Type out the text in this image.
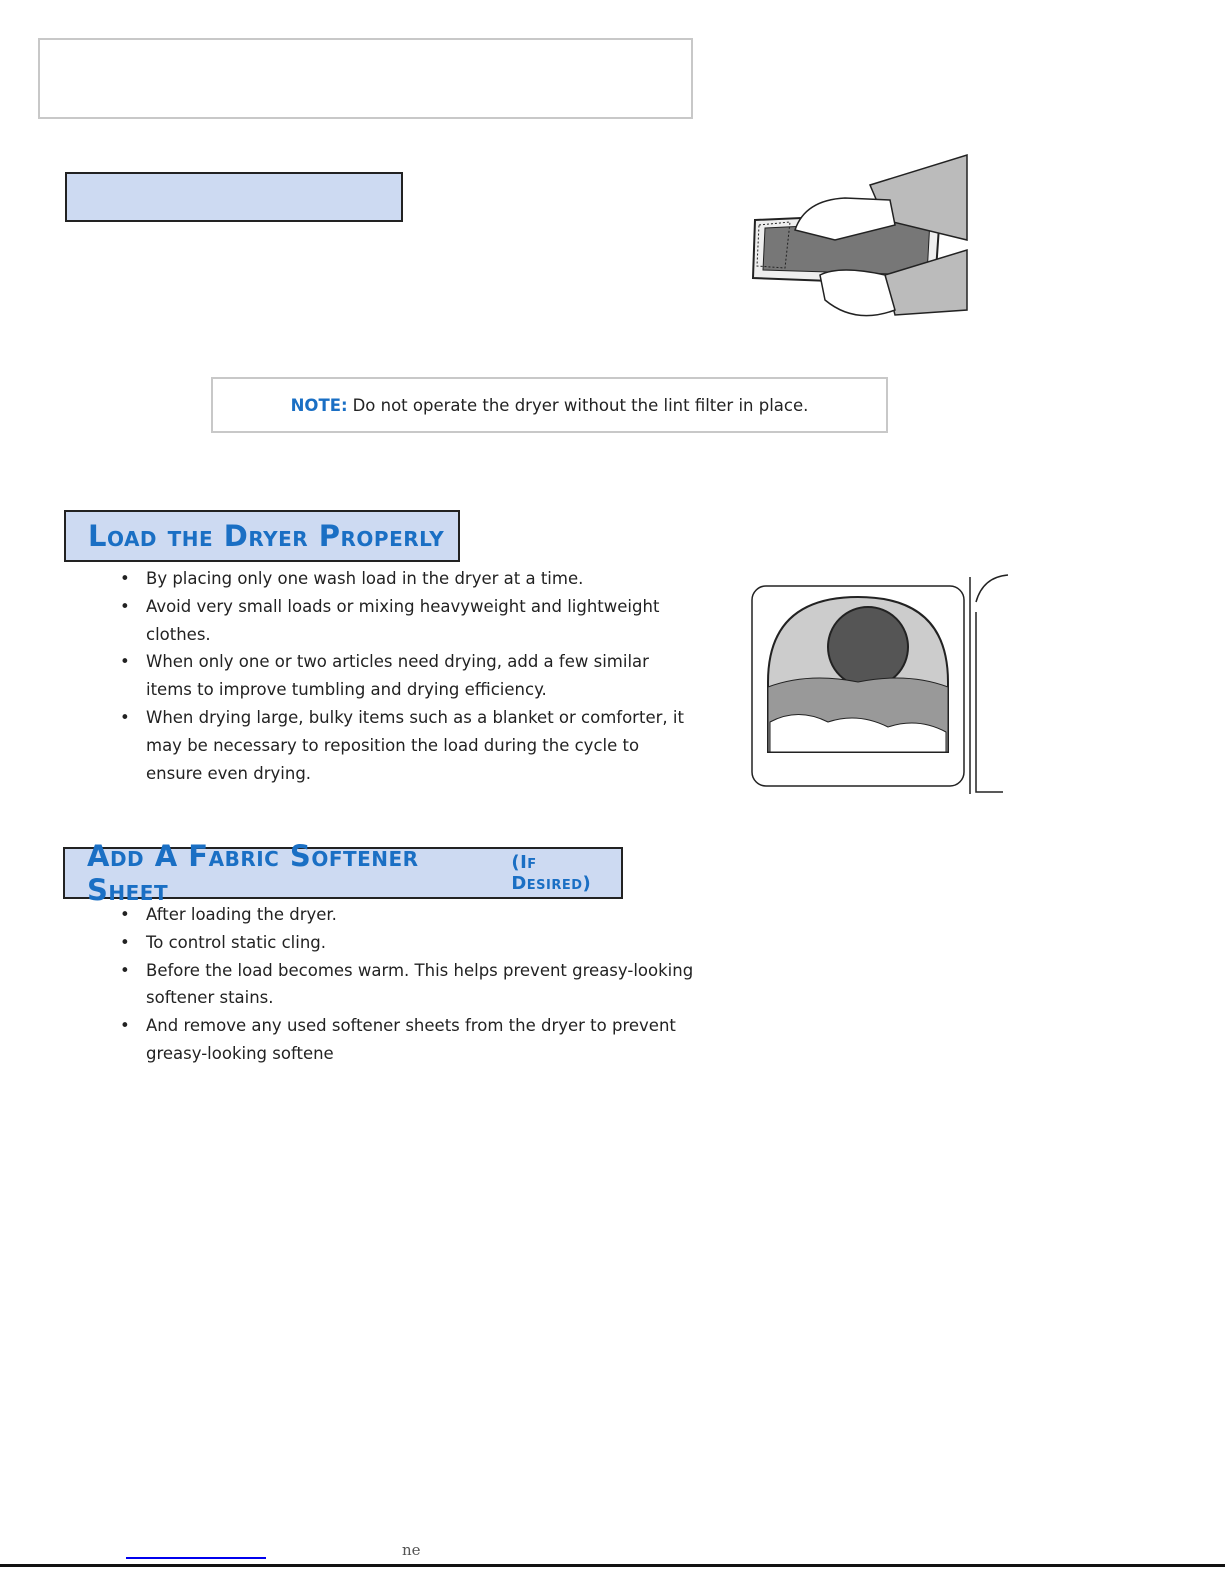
NOTE: Do not operate the dryer without the lint filter in place.
Load the Dryer Properly
• By placing only one wash load in the dryer at a time.
• Avoid very small loads or mixing heavyweight and lightweight clothes.
• When only one or two articles need drying, add a few similar items to improve tumbling and drying efficiency.
• When drying large, bulky items such as a blanket or comforter, it may be necessary to reposition the load during the cycle to ensure even drying.
Add A Fabric Softener Sheet
(If Desired)
• After loading the dryer.
• To control static cling.
• Before the load becomes warm. This helps prevent greasy-looking softener stains.
• And remove any used softener sheets from the dryer to prevent greasy-looking softene
ne
